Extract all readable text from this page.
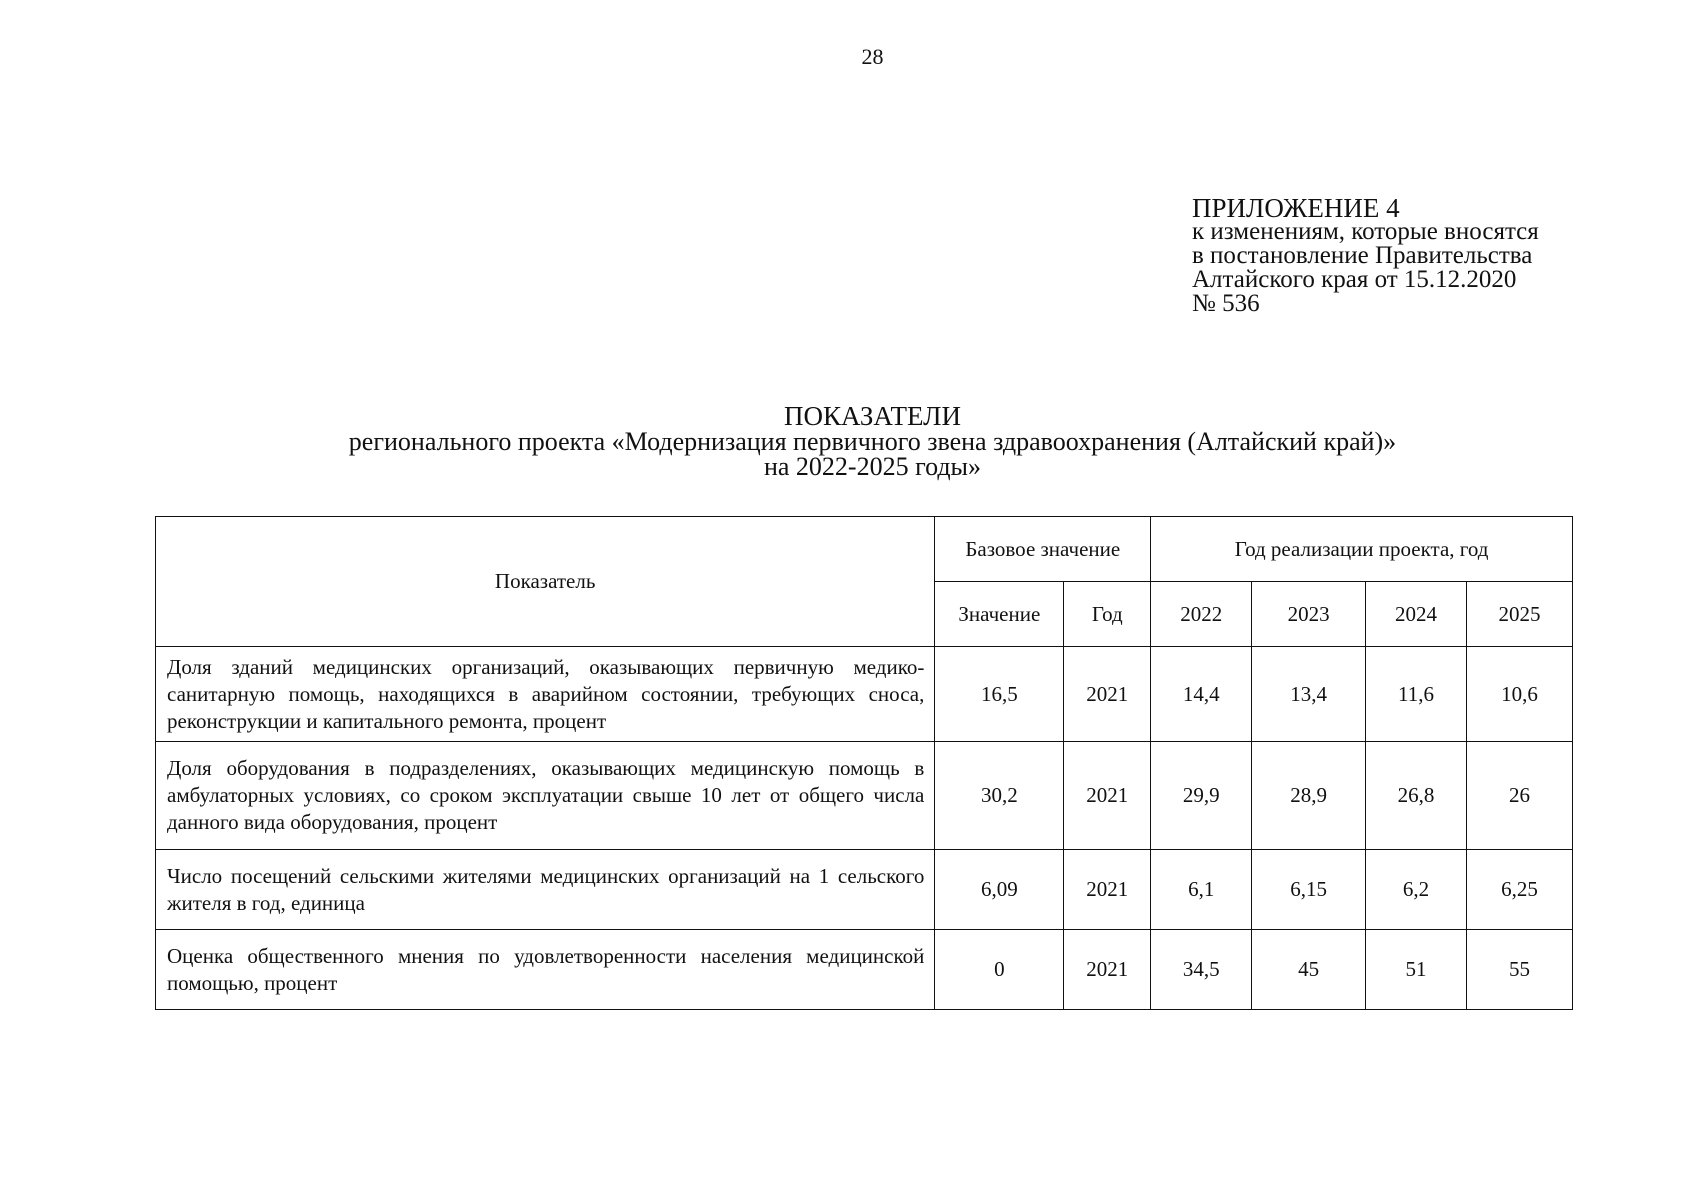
28
ПРИЛОЖЕНИЕ 4
к изменениям, которые вносятся
в постановление Правительства
Алтайского края от 15.12.2020
№ 536
ПОКАЗАТЕЛИ
регионального проекта «Модернизация первичного звена здравоохранения (Алтайский край)»
на 2022-2025 годы»
Показатель	Базовое значение		Год реализации проекта, год			
	Значение	Год	2022	2023	2024	2025
Доля зданий медицинских организаций, оказывающих первичную медико-санитарную помощь, находящихся в аварийном состоянии, требующих сноса, реконструкции и капитального ремонта, процент	16,5	2021	14,4	13,4	11,6	10,6
Доля оборудования в подразделениях, оказывающих медицинскую помощь в амбулаторных условиях, со сроком эксплуатации свыше 10 лет от общего числа данного вида оборудования, процент	30,2	2021	29,9	28,9	26,8	26
Число посещений сельскими жителями медицинских организаций на 1 сельского жителя в год, единица	6,09	2021	6,1	6,15	6,2	6,25
Оценка общественного мнения по удовлетворенности населения медицинской помощью, процент	0	2021	34,5	45	51	55
